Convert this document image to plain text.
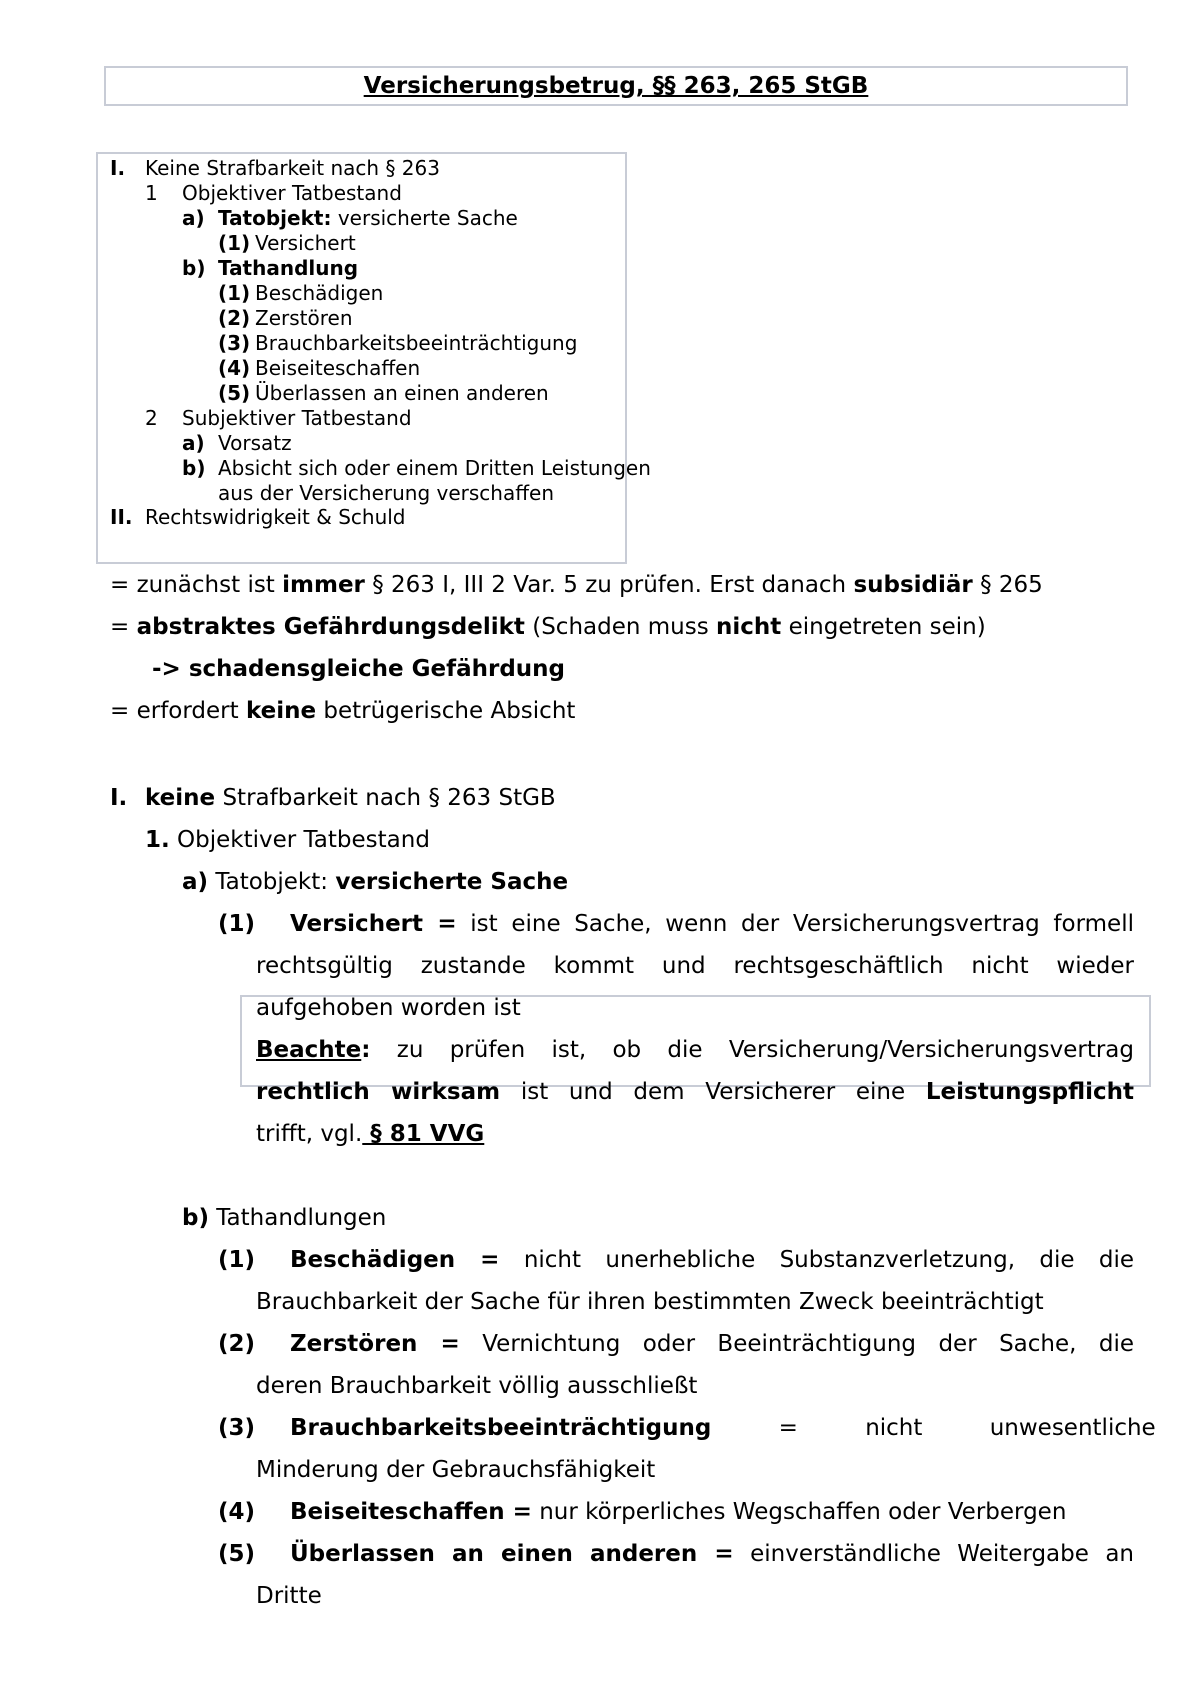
Versicherungsbetrug, §§ 263, 265 StGB
I. Keine Strafbarkeit nach § 263
1 Objektiver Tatbestand
a) Tatobjekt: versicherte Sache
(1) Versichert
b) Tathandlung
(1) Beschädigen
(2) Zerstören
(3) Brauchbarkeitsbeeinträchtigung
(4) Beiseiteschaffen
(5) Überlassen an einen anderen
2 Subjektiver Tatbestand
a) Vorsatz
b) Absicht sich oder einem Dritten Leistungen
aus der Versicherung verschaffen
II. Rechtswidrigkeit & Schuld
= zunächst ist immer § 263 I, III 2 Var. 5 zu prüfen. Erst danach subsidiär § 265
= abstraktes Gefährdungsdelikt (Schaden muss nicht eingetreten sein)
-> schadensgleiche Gefährdung
= erfordert keine betrügerische Absicht
I. keine Strafbarkeit nach § 263 StGB
1. Objektiver Tatbestand
a) Tatobjekt: versicherte Sache
(1) Versichert = ist eine Sache, wenn der Versicherungsvertrag formell
rechtsgültig zustande kommt und rechtsgeschäftlich nicht wieder
aufgehoben worden ist
Beachte: zu prüfen ist, ob die Versicherung/Versicherungsvertrag
rechtlich wirksam ist und dem Versicherer eine Leistungspflicht
trifft, vgl. § 81 VVG
b) Tathandlungen
(1) Beschädigen = nicht unerhebliche Substanzverletzung, die die
Brauchbarkeit der Sache für ihren bestimmten Zweck beeinträchtigt
(2) Zerstören = Vernichtung oder Beeinträchtigung der Sache, die
deren Brauchbarkeit völlig ausschließt
(3) Brauchbarkeitsbeeinträchtigung = nicht unwesentliche
Minderung der Gebrauchsfähigkeit
(4) Beiseiteschaffen = nur körperliches Wegschaffen oder Verbergen
(5) Überlassen an einen anderen = einverständliche Weitergabe an
Dritte
